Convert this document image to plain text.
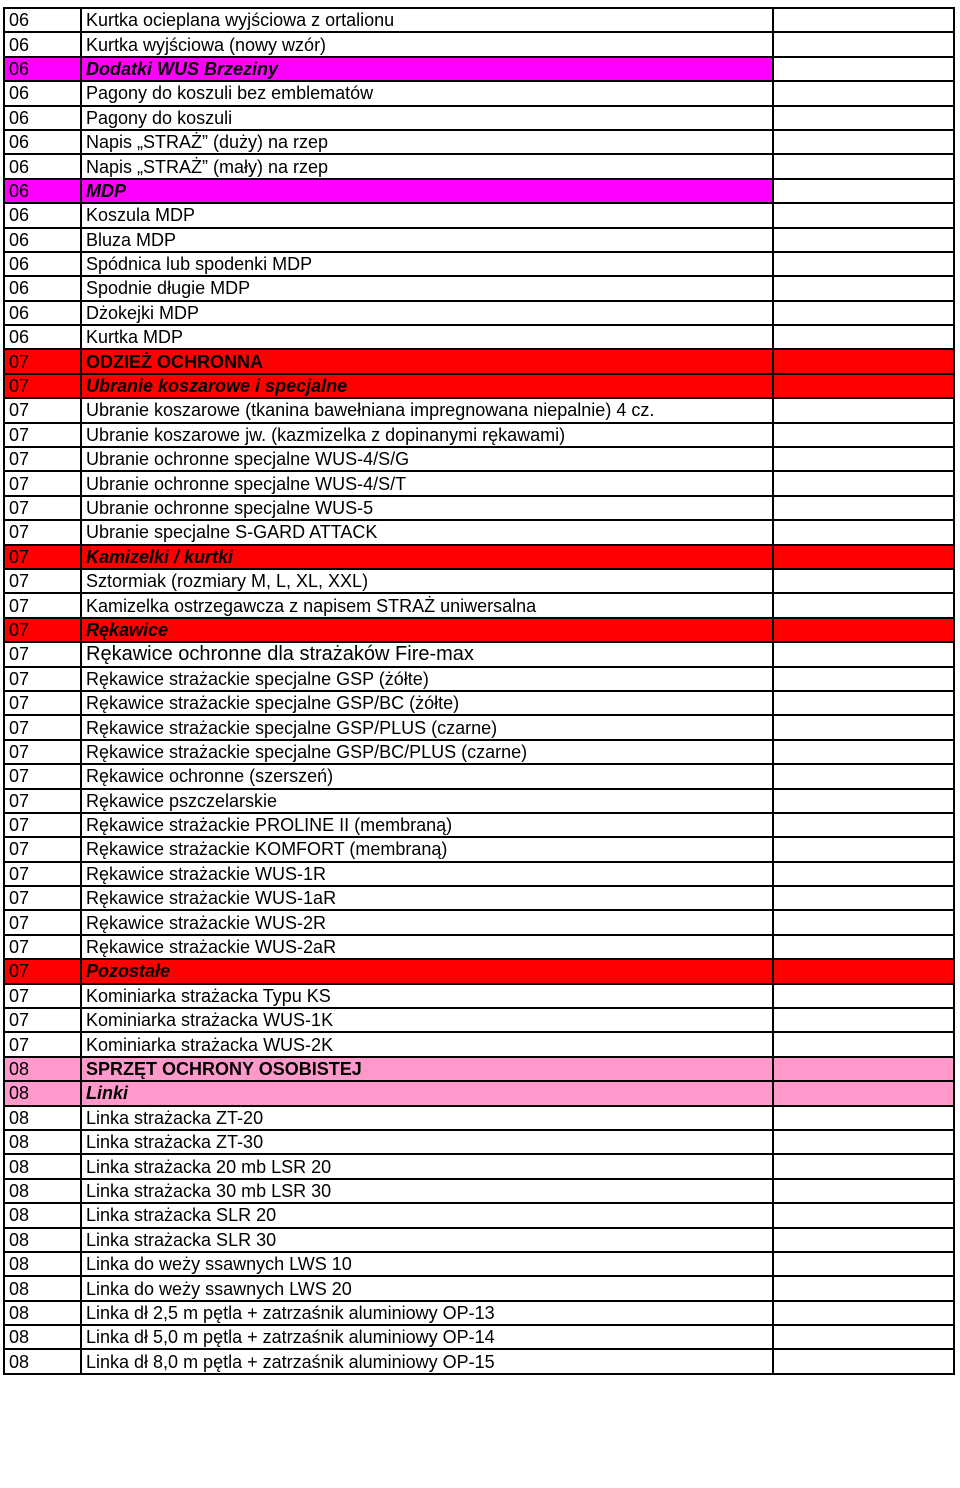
06	Kurtka ocieplana wyjściowa z ortalionu	
06	Kurtka wyjściowa (nowy wzór)	
06	Dodatki WUS Brzeziny	
06	Pagony do koszuli bez emblematów	
06	Pagony do koszuli	
06	Napis „STRAŻ” (duży) na rzep	
06	Napis „STRAŻ” (mały) na rzep	
06	MDP	
06	Koszula MDP	
06	Bluza MDP	
06	Spódnica lub spodenki MDP	
06	Spodnie długie MDP	
06	Dżokejki MDP	
06	Kurtka MDP	
07	ODZIEŻ OCHRONNA	
07	Ubranie koszarowe i specjalne	
07	Ubranie koszarowe (tkanina bawełniana impregnowana niepalnie) 4 cz.	
07	Ubranie koszarowe jw. (kazmizelka z dopinanymi rękawami)	
07	Ubranie ochronne specjalne WUS-4/S/G	
07	Ubranie ochronne specjalne WUS-4/S/T	
07	Ubranie ochronne specjalne WUS-5	
07	Ubranie specjalne S-GARD ATTACK	
07	Kamizelki / kurtki	
07	Sztormiak (rozmiary M, L, XL, XXL)	
07	Kamizelka ostrzegawcza z napisem STRAŻ uniwersalna	
07	Rękawice	
07	Rękawice ochronne dla strażaków Fire-max	
07	Rękawice strażackie specjalne GSP (żółte)	
07	Rękawice strażackie specjalne GSP/BC (żółte)	
07	Rękawice strażackie specjalne GSP/PLUS (czarne)	
07	Rękawice strażackie specjalne GSP/BC/PLUS (czarne)	
07	Rękawice ochronne (szerszeń)	
07	Rękawice pszczelarskie	
07	Rękawice strażackie PROLINE II (membraną)	
07	Rękawice strażackie KOMFORT (membraną)	
07	Rękawice strażackie WUS-1R	
07	Rękawice strażackie WUS-1aR	
07	Rękawice strażackie WUS-2R	
07	Rękawice strażackie WUS-2aR	
07	Pozostałe	
07	Kominiarka strażacka Typu KS	
07	Kominiarka strażacka WUS-1K	
07	Kominiarka strażacka WUS-2K	
08	SPRZĘT OCHRONY OSOBISTEJ	
08	Linki	
08	Linka strażacka ZT-20	
08	Linka strażacka ZT-30	
08	Linka strażacka 20 mb LSR 20	
08	Linka strażacka 30 mb LSR 30	
08	Linka strażacka SLR 20	
08	Linka strażacka SLR 30	
08	Linka do weży ssawnych LWS 10	
08	Linka do weży ssawnych LWS 20	
08	Linka dł 2,5 m pętla + zatrzaśnik aluminiowy OP-13	
08	Linka dł 5,0 m pętla + zatrzaśnik aluminiowy OP-14	
08	Linka dł 8,0 m pętla + zatrzaśnik aluminiowy OP-15	
